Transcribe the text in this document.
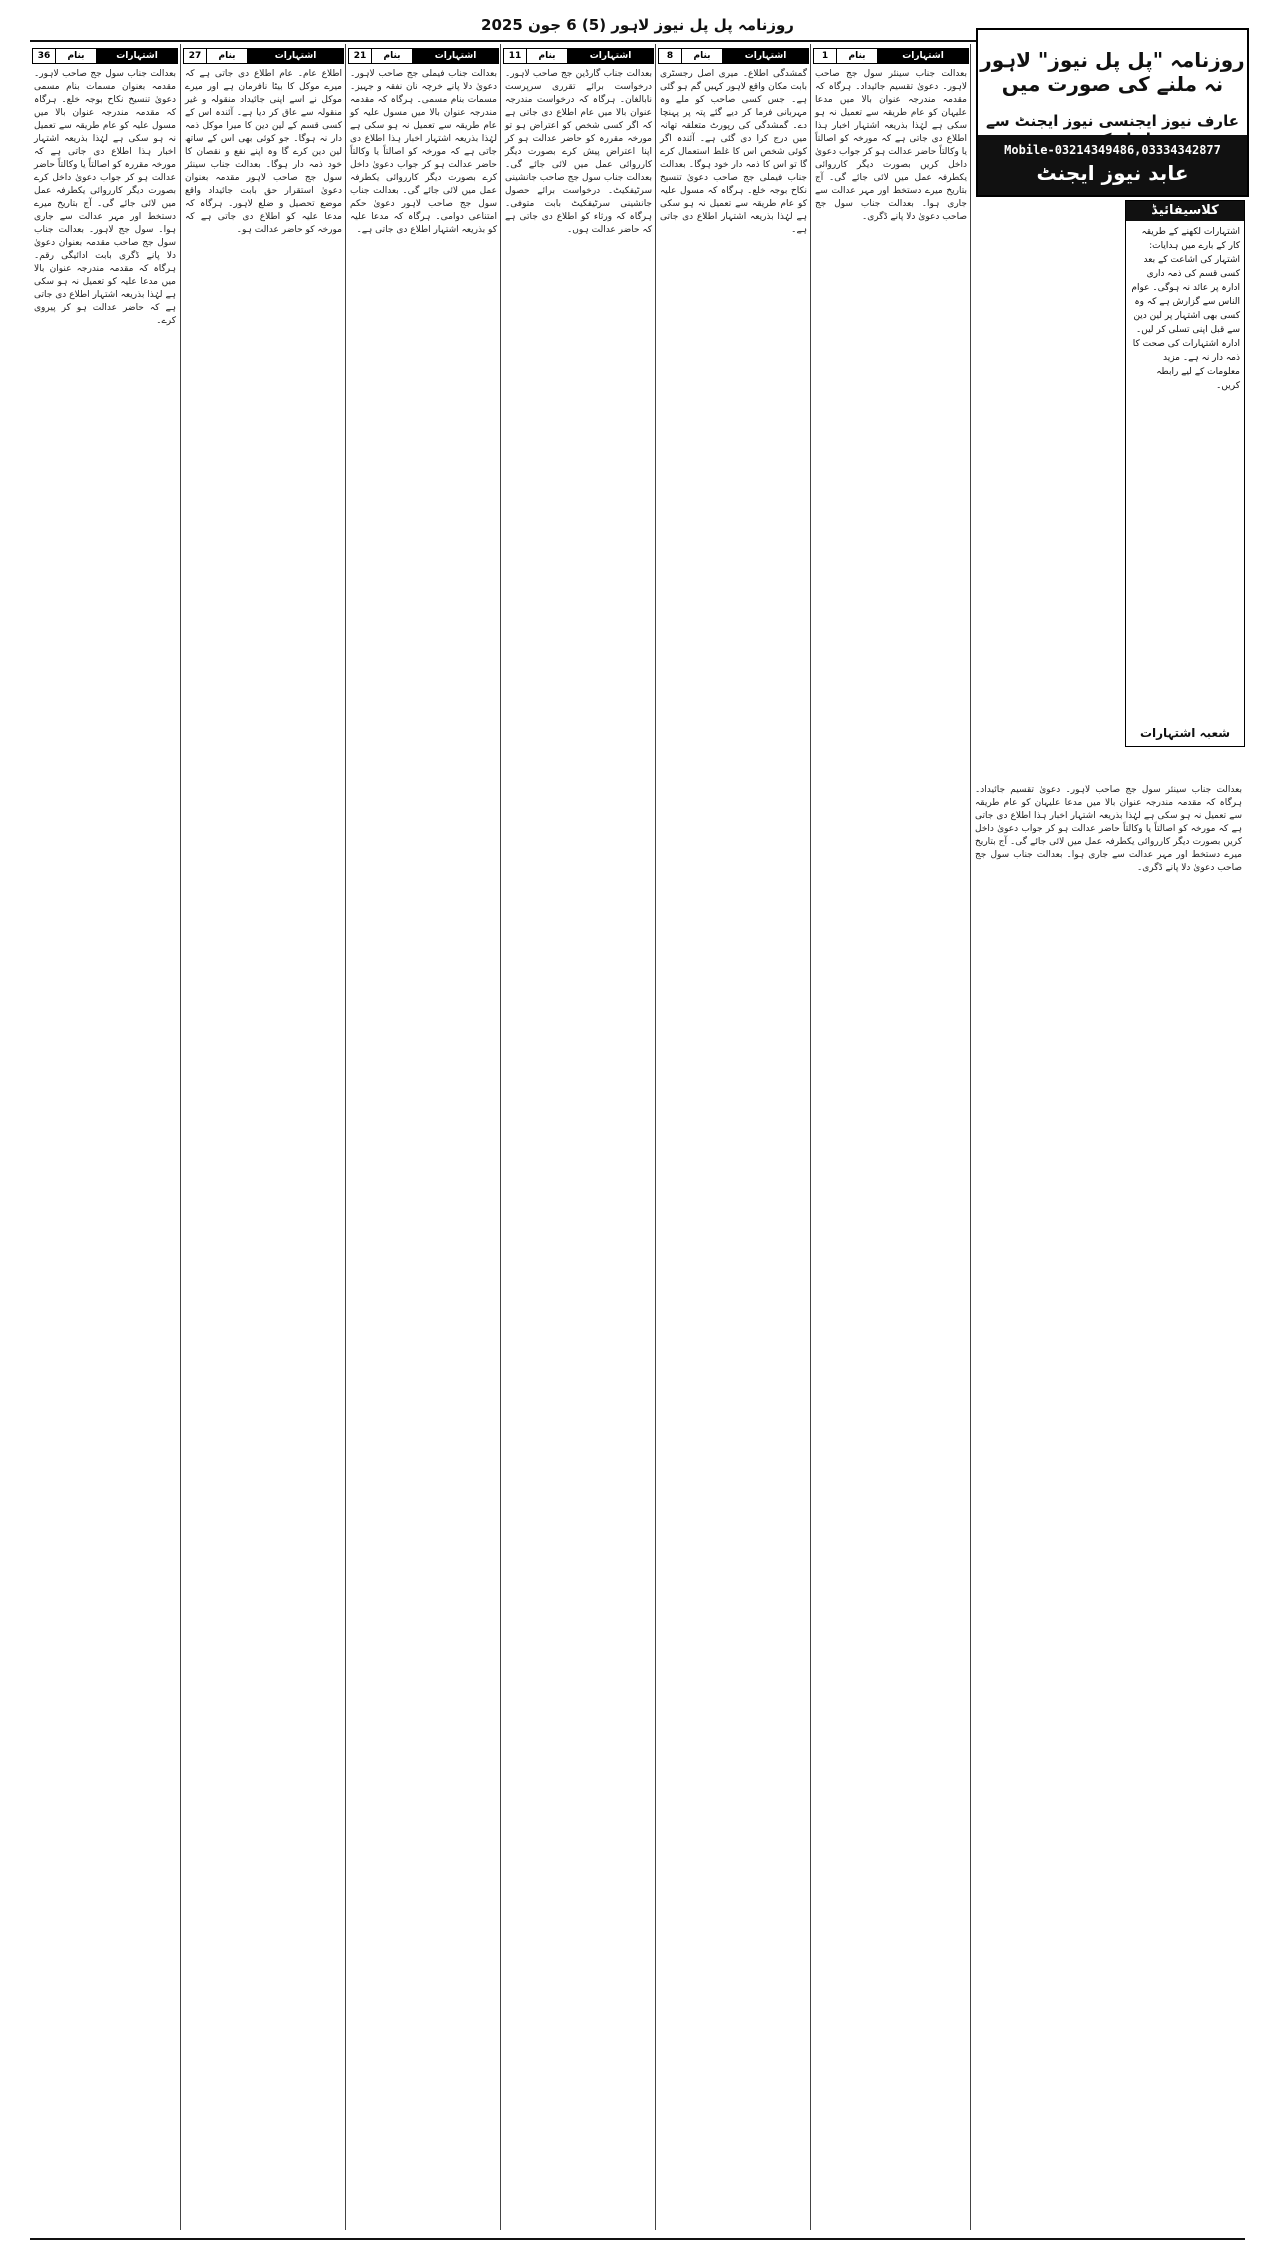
روزنامہ پل پل نیوز لاہور (5) 6 جون 2025
اشتہارات
بنام
36
بعدالت جناب سول جج صاحب لاہور۔ مقدمہ بعنوان مسمات بنام مسمی دعویٰ تنسیخ نکاح بوجہ خلع۔ ہرگاہ کہ مقدمہ مندرجہ عنوان بالا میں مسول علیہ کو عام طریقہ سے تعمیل نہ ہو سکی ہے لہٰذا بذریعہ اشتہار اخبار ہذا اطلاع دی جاتی ہے کہ مورخہ مقررہ کو اصالتاً یا وکالتاً حاضر عدالت ہو کر جواب دعویٰ داخل کرے بصورت دیگر کارروائی یکطرفہ عمل میں لائی جائے گی۔ آج بتاریخ میرے دستخط اور مہر عدالت سے جاری ہوا۔ سول جج لاہور۔ بعدالت جناب سول جج صاحب مقدمہ بعنوان دعویٰ دلا پانے ڈگری بابت ادائیگی رقم۔ ہرگاہ کہ مقدمہ مندرجہ عنوان بالا میں مدعا علیہ کو تعمیل نہ ہو سکی ہے لہٰذا بذریعہ اشتہار اطلاع دی جاتی ہے کہ حاضر عدالت ہو کر پیروی کرے۔
اشتہارات
بنام
27
اطلاع عام۔ عام اطلاع دی جاتی ہے کہ میرے موکل کا بیٹا نافرمان ہے اور میرے موکل نے اسے اپنی جائیداد منقولہ و غیر منقولہ سے عاق کر دیا ہے۔ آئندہ اس کے کسی قسم کے لین دین کا میرا موکل ذمہ دار نہ ہوگا۔ جو کوئی بھی اس کے ساتھ لین دین کرے گا وہ اپنے نفع و نقصان کا خود ذمہ دار ہوگا۔ بعدالت جناب سینئر سول جج صاحب لاہور مقدمہ بعنوان دعویٰ استقرار حق بابت جائیداد واقع موضع تحصیل و ضلع لاہور۔ ہرگاہ کہ مدعا علیہ کو اطلاع دی جاتی ہے کہ مورخہ کو حاضر عدالت ہو۔
اشتہارات
بنام
21
بعدالت جناب فیملی جج صاحب لاہور۔ دعویٰ دلا پانے خرچہ نان نفقہ و جہیز۔ مسمات بنام مسمی۔ ہرگاہ کہ مقدمہ مندرجہ عنوان بالا میں مسول علیہ کو عام طریقہ سے تعمیل نہ ہو سکی ہے لہٰذا بذریعہ اشتہار اخبار ہذا اطلاع دی جاتی ہے کہ مورخہ کو اصالتاً یا وکالتاً حاضر عدالت ہو کر جواب دعویٰ داخل کرے بصورت دیگر کارروائی یکطرفہ عمل میں لائی جائے گی۔ بعدالت جناب سول جج صاحب لاہور دعویٰ حکم امتناعی دوامی۔ ہرگاہ کہ مدعا علیہ کو بذریعہ اشتہار اطلاع دی جاتی ہے۔
اشتہارات
بنام
11
بعدالت جناب گارڈین جج صاحب لاہور۔ درخواست برائے تقرری سرپرست نابالغان۔ ہرگاہ کہ درخواست مندرجہ عنوان بالا میں عام اطلاع دی جاتی ہے کہ اگر کسی شخص کو اعتراض ہو تو مورخہ مقررہ کو حاضر عدالت ہو کر اپنا اعتراض پیش کرے بصورت دیگر کارروائی عمل میں لائی جائے گی۔ بعدالت جناب سول جج صاحب جانشینی سرٹیفکیٹ۔ درخواست برائے حصول جانشینی سرٹیفکیٹ بابت متوفی۔ ہرگاہ کہ ورثاء کو اطلاع دی جاتی ہے کہ حاضر عدالت ہوں۔
اشتہارات
بنام
8
گمشدگی اطلاع۔ میری اصل رجسٹری بابت مکان واقع لاہور کہیں گم ہو گئی ہے۔ جس کسی صاحب کو ملے وہ مہربانی فرما کر دیے گئے پتہ پر پہنچا دے۔ گمشدگی کی رپورٹ متعلقہ تھانہ میں درج کرا دی گئی ہے۔ آئندہ اگر کوئی شخص اس کا غلط استعمال کرے گا تو اس کا ذمہ دار خود ہوگا۔ بعدالت جناب فیملی جج صاحب دعویٰ تنسیخ نکاح بوجہ خلع۔ ہرگاہ کہ مسول علیہ کو عام طریقہ سے تعمیل نہ ہو سکی ہے لہٰذا بذریعہ اشتہار اطلاع دی جاتی ہے۔
اشتہارات
بنام
1
بعدالت جناب سینئر سول جج صاحب لاہور۔ دعویٰ تقسیم جائیداد۔ ہرگاہ کہ مقدمہ مندرجہ عنوان بالا میں مدعا علیہان کو عام طریقہ سے تعمیل نہ ہو سکی ہے لہٰذا بذریعہ اشتہار اخبار ہذا اطلاع دی جاتی ہے کہ مورخہ کو اصالتاً یا وکالتاً حاضر عدالت ہو کر جواب دعویٰ داخل کریں بصورت دیگر کارروائی یکطرفہ عمل میں لائی جائے گی۔ آج بتاریخ میرے دستخط اور مہر عدالت سے جاری ہوا۔ بعدالت جناب سول جج صاحب دعویٰ دلا پانے ڈگری۔
بعدالت جناب سینئر سول جج صاحب لاہور۔ دعویٰ تقسیم جائیداد۔ ہرگاہ کہ مقدمہ مندرجہ عنوان بالا میں مدعا علیہان کو عام طریقہ سے تعمیل نہ ہو سکی ہے لہٰذا بذریعہ اشتہار اخبار ہذا اطلاع دی جاتی ہے کہ مورخہ کو اصالتاً یا وکالتاً حاضر عدالت ہو کر جواب دعویٰ داخل کریں بصورت دیگر کارروائی یکطرفہ عمل میں لائی جائے گی۔ آج بتاریخ میرے دستخط اور مہر عدالت سے جاری ہوا۔ بعدالت جناب سول جج صاحب دعویٰ دلا پانے ڈگری۔
روزنامہ "پل پل نیوز" لاہور نہ ملنے کی صورت میں
عارف نیوز ایجنسی نیوز ایجنٹ سے
Mobile-03214349486,03334342877
عابد نیوز ایجنٹ
کلاسیفائیڈ
اشتہارات لکھنے کے طریقہ کار کے بارے میں ہدایات: اشتہار کی اشاعت کے بعد کسی قسم کی ذمہ داری ادارہ پر عائد نہ ہوگی۔ عوام الناس سے گزارش ہے کہ وہ کسی بھی اشتہار پر لین دین سے قبل اپنی تسلی کر لیں۔ ادارہ اشتہارات کی صحت کا ذمہ دار نہ ہے۔ مزید معلومات کے لیے رابطہ کریں۔
شعبہ اشتہارات
